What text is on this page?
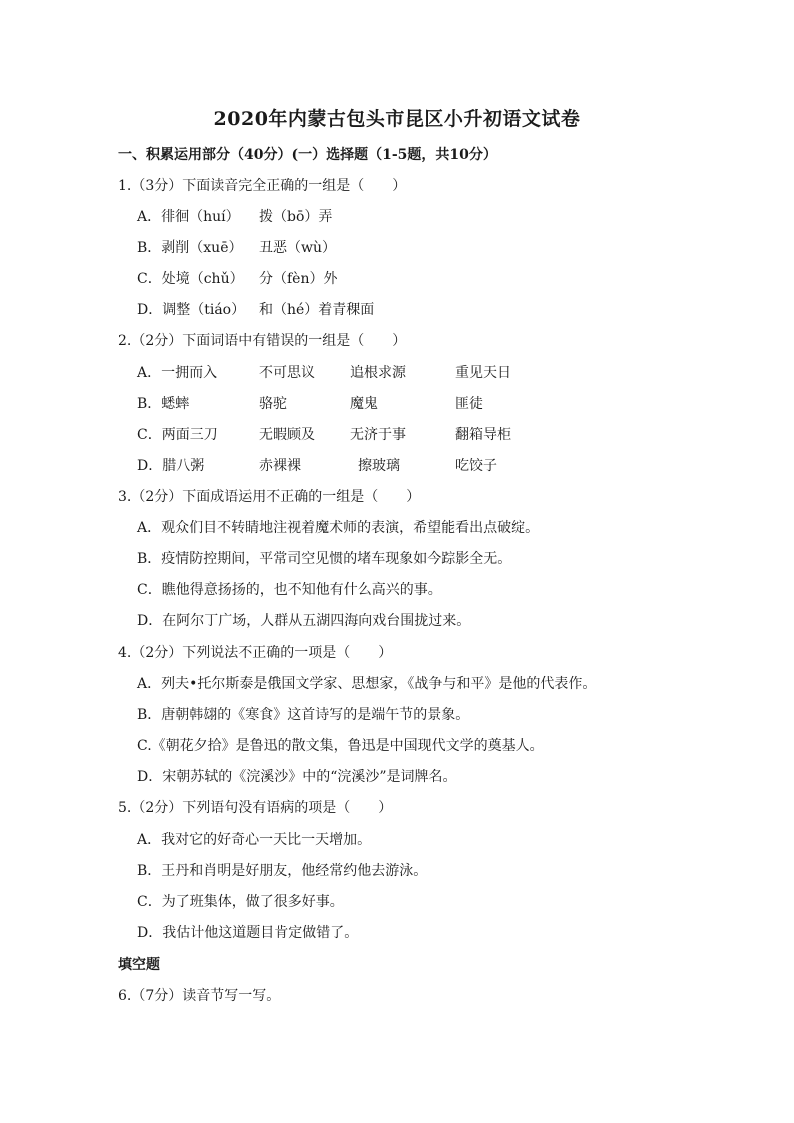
2020年内蒙古包头市昆区小升初语文试卷
一、积累运用部分（40分）(一）选择题（1-5题，共10分）
1.（3分）下面读音完全正确的一组是（　　）
A．徘徊（huí） 拨（bō）弄
B．剥削（xuē） 丑恶（wù）
C．处境（chǔ） 分（fèn）外
D．调整（tiáo） 和（hé）着青稞面
2.（2分）下面词语中有错误的一组是（　　）
A．一拥而入	不可思议	追根求源	重见天日
B．蟋蟀	骆驼	魔鬼	匪徒
C．两面三刀	无暇顾及	无济于事	翻箱导柜
D．腊八粥	赤裸裸	擦玻璃	吃饺子
3.（2分）下面成语运用不正确的一组是（　　）
A．观众们目不转睛地注视着魔术师的表演，希望能看出点破绽。
B．疫情防控期间，平常司空见惯的堵车现象如今踪影全无。
C．瞧他得意扬扬的，也不知他有什么高兴的事。
D．在阿尔丁广场，人群从五湖四海向戏台围拢过来。
4.（2分）下列说法不正确的一项是（　　）
A．列夫•托尔斯泰是俄国文学家、思想家，《战争与和平》是他的代表作。
B．唐朝韩翃的《寒食》这首诗写的是端午节的景象。
C.《朝花夕拾》是鲁迅的散文集，鲁迅是中国现代文学的奠基人。
D．宋朝苏轼的《浣溪沙》中的“浣溪沙”是词牌名。
5.（2分）下列语句没有语病的项是（　　）
A．我对它的好奇心一天比一天增加。
B．王丹和肖明是好朋友，他经常约他去游泳。
C．为了班集体，做了很多好事。
D．我估计他这道题目肯定做错了。
填空题
6.（7分）读音节写一写。
